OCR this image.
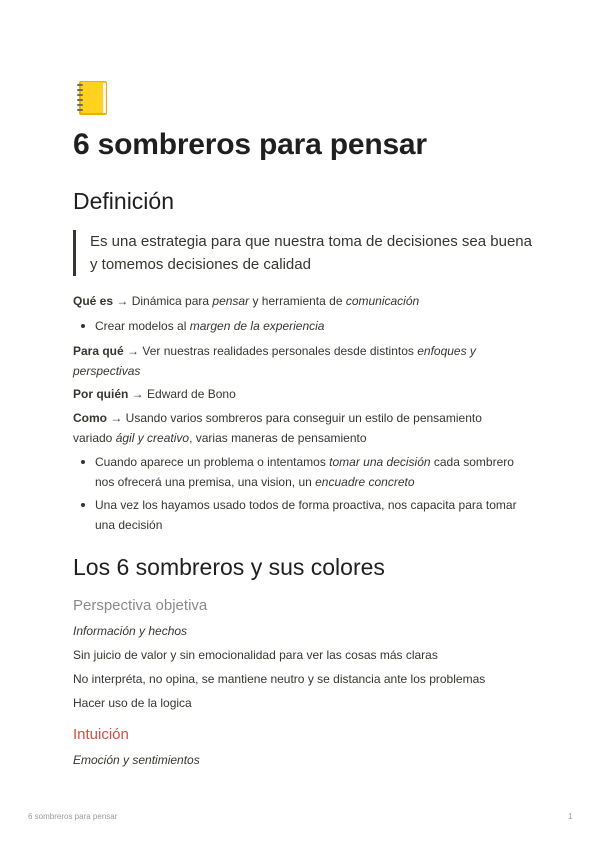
6 sombreros para pensar
Definición
Es una estrategia para que nuestra toma de decisiones sea buena y tomemos decisiones de calidad
Qué es → Dinámica para pensar y herramienta de comunicación
Crear modelos al margen de la experiencia
Para qué → Ver nuestras realidades personales desde distintos enfoques y perspectivas
Por quién → Edward de Bono
Como → Usando varios sombreros para conseguir un estilo de pensamiento variado ágil y creativo, varias maneras de pensamiento
Cuando aparece un problema o intentamos tomar una decisión cada sombrero nos ofrecerá una premisa, una vision, un encuadre concreto
Una vez los hayamos usado todos de forma proactiva, nos capacita para tomar una decisión
Los 6 sombreros y sus colores
Perspectiva objetiva
Información y hechos
Sin juicio de valor y sin emocionalidad para ver las cosas más claras
No interpréta, no opina, se mantiene neutro y se distancia ante los problemas
Hacer uso de la logica
Intuición
Emoción y sentimientos
6 sombreros para pensar	1
